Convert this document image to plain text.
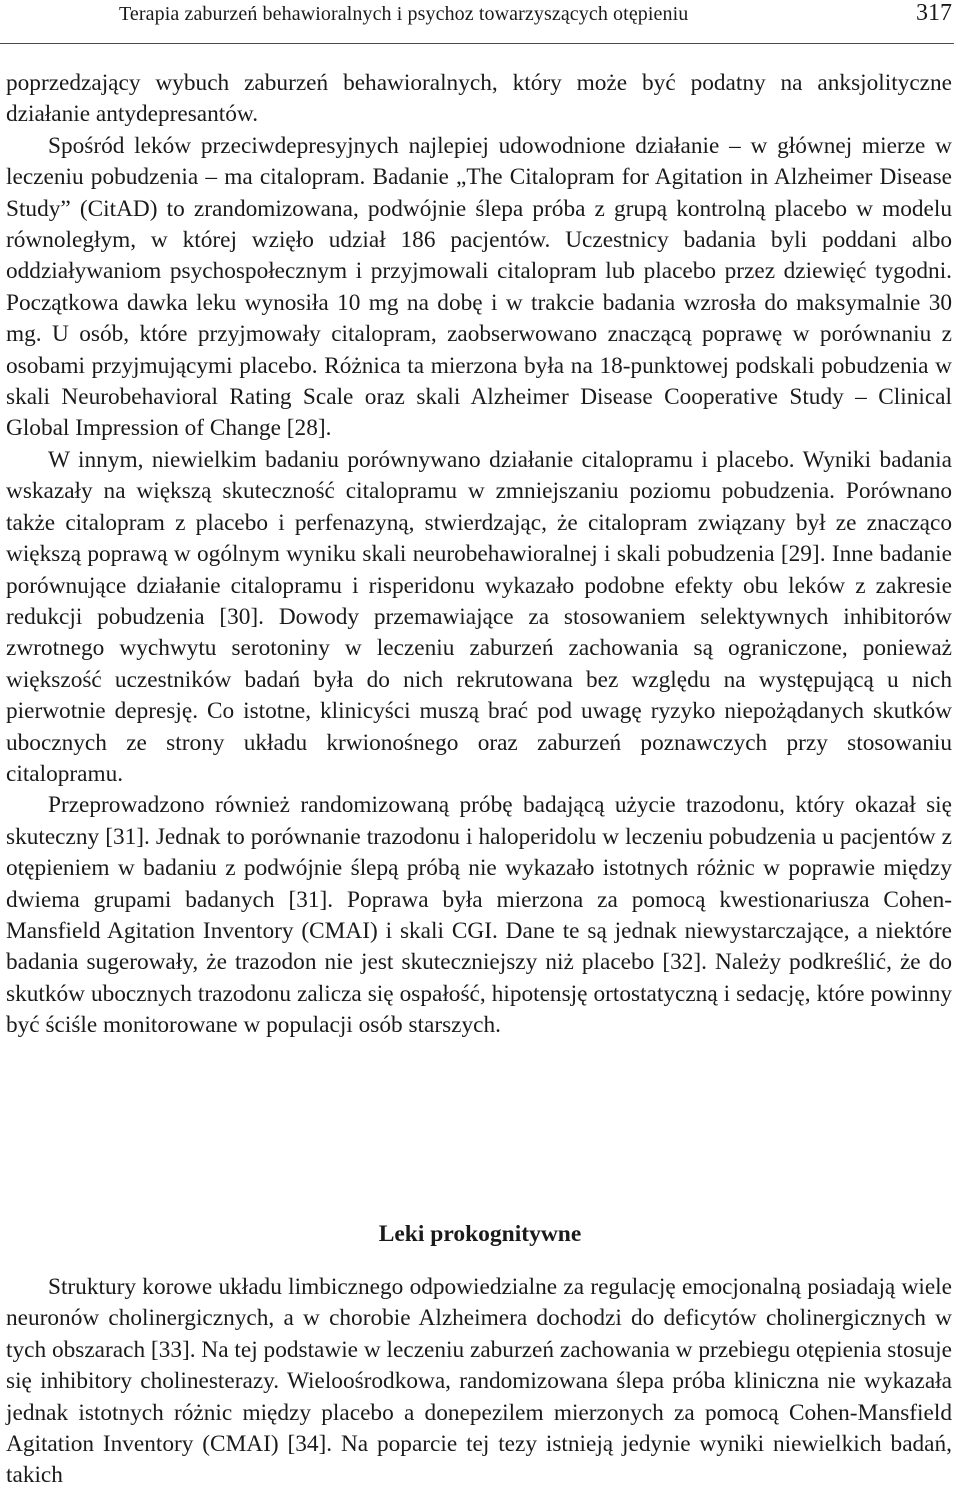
Terapia zaburzeń behawioralnych i psychoz towarzyszących otępieniu	317

poprzedzający wybuch zaburzeń behawioralnych, który może być podatny na anksjolityczne działanie antydepresantów.

Spośród leków przeciwdepresyjnych najlepiej udowodnione działanie – w głównej mierze w leczeniu pobudzenia – ma citalopram. Badanie „The Citalopram for Agitation in Alzheimer Disease Study” (CitAD) to zrandomizowana, podwójnie ślepa próba z grupą kontrolną placebo w modelu równoległym, w której wzięło udział 186 pacjentów. Uczestnicy badania byli poddani albo oddziaływaniom psychospołecznym i przyjmowali citalopram lub placebo przez dziewięć tygodni. Początkowa dawka leku wynosiła 10 mg na dobę i w trakcie badania wzrosła do maksymalnie 30 mg. U osób, które przyjmowały citalopram, zaobserwowano znaczącą poprawę w porównaniu z osobami przyjmującymi placebo. Różnica ta mierzona była na 18-punktowej podskali pobudzenia w skali Neurobehavioral Rating Scale oraz skali Alzheimer Disease Cooperative Study – Clinical Global Impression of Change [28].

W innym, niewielkim badaniu porównywano działanie citalopramu i placebo. Wyniki badania wskazały na większą skuteczność citalopramu w zmniejszaniu poziomu pobudzenia. Porównano także citalopram z placebo i perfenazyną, stwierdzając, że citalopram związany był ze znacząco większą poprawą w ogólnym wyniku skali neurobehawioralnej i skali pobudzenia [29]. Inne badanie porównujące działanie citalopramu i risperidonu wykazało podobne efekty obu leków z zakresie redukcji pobudzenia [30]. Dowody przemawiające za stosowaniem selektywnych inhibitorów zwrotnego wychwytu serotoniny w leczeniu zaburzeń zachowania są ograniczone, ponieważ większość uczestników badań była do nich rekrutowana bez względu na występującą u nich pierwotnie depresję. Co istotne, klinicyści muszą brać pod uwagę ryzyko niepożądanych skutków ubocznych ze strony układu krwionośnego oraz zaburzeń poznawczych przy stosowaniu citalopramu.

Przeprowadzono również randomizowaną próbę badającą użycie trazodonu, który okazał się skuteczny [31]. Jednak to porównanie trazodonu i haloperidolu w leczeniu pobudzenia u pacjentów z otępieniem w badaniu z podwójnie ślepą próbą nie wykazało istotnych różnic w poprawie między dwiema grupami badanych [31]. Poprawa była mierzona za pomocą kwestionariusza Cohen-Mansfield Agitation Inventory (CMAI) i skali CGI. Dane te są jednak niewystarczające, a niektóre badania sugerowały, że trazodon nie jest skuteczniejszy niż placebo [32]. Należy podkreślić, że do skutków ubocznych trazodonu zalicza się ospałość, hipotensję ortostatyczną i sedację, które powinny być ściśle monitorowane w populacji osób starszych.

Leki prokognitywne

Struktury korowe układu limbicznego odpowiedzialne za regulację emocjonalną posiadają wiele neuronów cholinergicznych, a w chorobie Alzheimera dochodzi do deficytów cholinergicznych w tych obszarach [33]. Na tej podstawie w leczeniu zaburzeń zachowania w przebiegu otępienia stosuje się inhibitory cholinesterazy. Wieloośrodkowa, randomizowana ślepa próba kliniczna nie wykazała jednak istotnych różnic między placebo a donepezilem mierzonych za pomocą Cohen-Mansfield Agitation Inventory (CMAI) [34]. Na poparcie tej tezy istnieją jedynie wyniki niewielkich badań, takich
